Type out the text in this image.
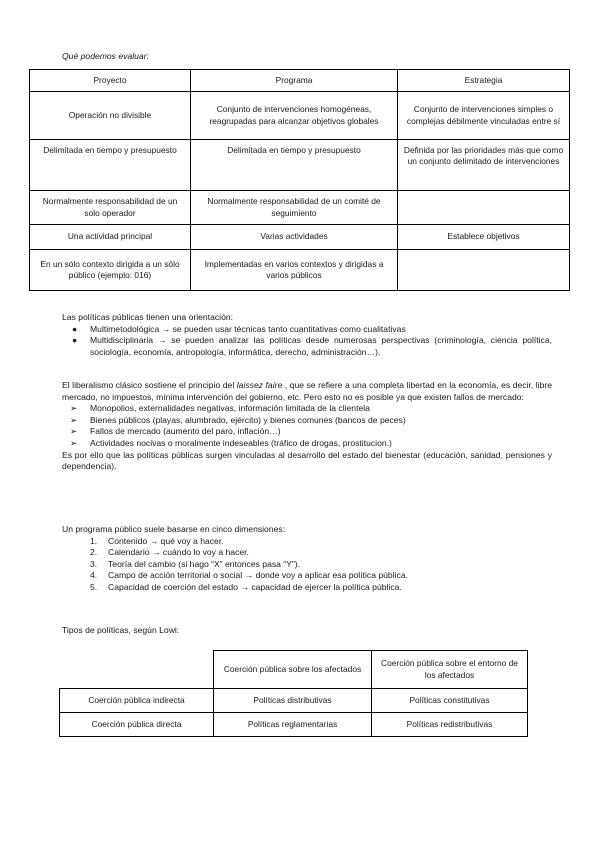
Qué podemos evaluar:
Proyecto	Programa	Estrategia
Operación no divisible	Conjunto de intervenciones homogéneas, reagrupadas para alcanzar objetivos globales	Conjunto de intervenciones simples o complejas débilmente vinculadas entre sí
Delimitada en tiempo y presupuesto	Delimitada en tiempo y presupuesto	Definida por las prioridades más que como un conjunto delimitado de intervenciones
Normalmente responsabilidad de un solo operador	Normalmente responsabilidad de un comité de seguimiento	
Una actividad principal	Varias actividades	Establece objetivos
En un sólo contexto dirigida a un sólo público (ejemplo: 016)	Implementadas en varios contextos y dirigidas a varios públicos	
Las políticas públicas tienen una orientación:
● Multimetodológica → se pueden usar técnicas tanto cuantitativas como cualitativas
● Multidisciplinaria → se pueden analizar las políticas desde numerosas perspectivas (criminología, ciencia política, sociología, economía, antropología, informática, derecho, administración…).
El liberalismo clásico sostiene el principio del laissez faire , que se refiere a una completa libertad en la economía, es decir, libre mercado, no impuestos, mínima intervención del gobierno, etc. Pero esto no es posible ya que existen fallos de mercado:
➢ Monopolios, externalidades negativas, información limitada de la clientela
➢ Bienes públicos (playas, alumbrado, ejército) y bienes comunes (bancos de peces)
➢ Fallos de mercado (aumento del paro, inflación…)
➢ Actividades nocivas o moralmente indeseables (tráfico de drogas, prostitucion.)
Es por ello que las políticas públicas surgen vinculadas al desarrollo del estado del bienestar (educación, sanidad, pensiones y dependencia).
Un programa público suele basarse en cinco dimensiones:
1. Contenido → qué voy a hacer.
2. Calendario → cuándo lo voy a hacer.
3. Teoría del cambio (si hago “X” entonces pasa “Y”).
4. Campo de acción territorial o social → donde voy a aplicar esa política pública.
5. Capacidad de coerción del estado → capacidad de ejercer la política pública.
Tipos de políticas, según Lowi:
	Coerción pública sobre los afectados	Coerción pública sobre el entorno de los afectados
Coerción pública indirecta	Políticas distributivas	Políticas constitutivas
Coerción pública directa	Políticas reglamentarias	Políticas redistributivas
